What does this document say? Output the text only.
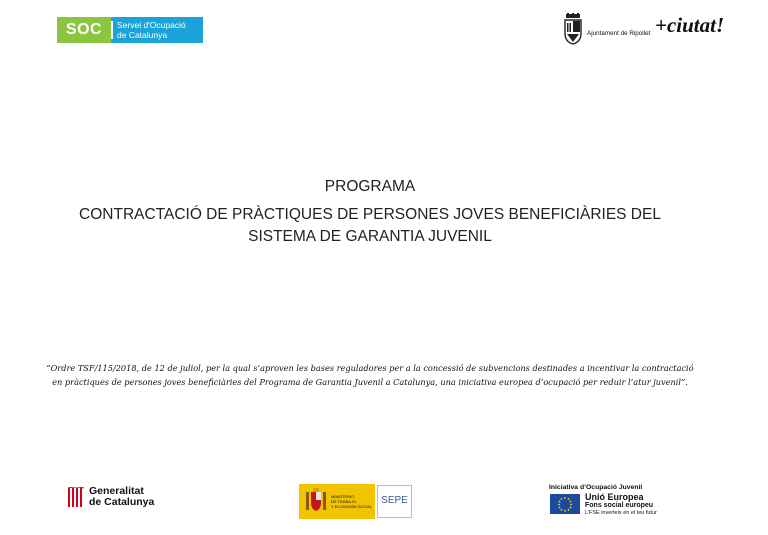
SOC	Servei d'Ocupació
de Catalunya	Ajuntament de Ripollet +ciutat!
PROGRAMA
CONTRACTACIÓ DE PRÀCTIQUES DE PERSONES JOVES BENEFICIÀRIES DEL
SISTEMA DE GARANTIA JUVENIL
“Ordre TSF/115/2018, de 12 de juliol, per la qual s’aproven les bases reguladores per a la concessió de subvencions destinades a incentivar la contractació
en pràctiques de persones joves beneficiàries del Programa de Garantia Juvenil a Catalunya, una iniciativa europea d’ocupació per reduir l’atur juvenil”.
Generalitat
de Catalunya	MINISTERIO
DE TRABAJO
Y ECONOMÍA SOCIAL
SEPE
Iniciativa d’Ocupació Juvenil
Unió Europea
Fons social europeu
L’FSE inverteix en el teu futur
